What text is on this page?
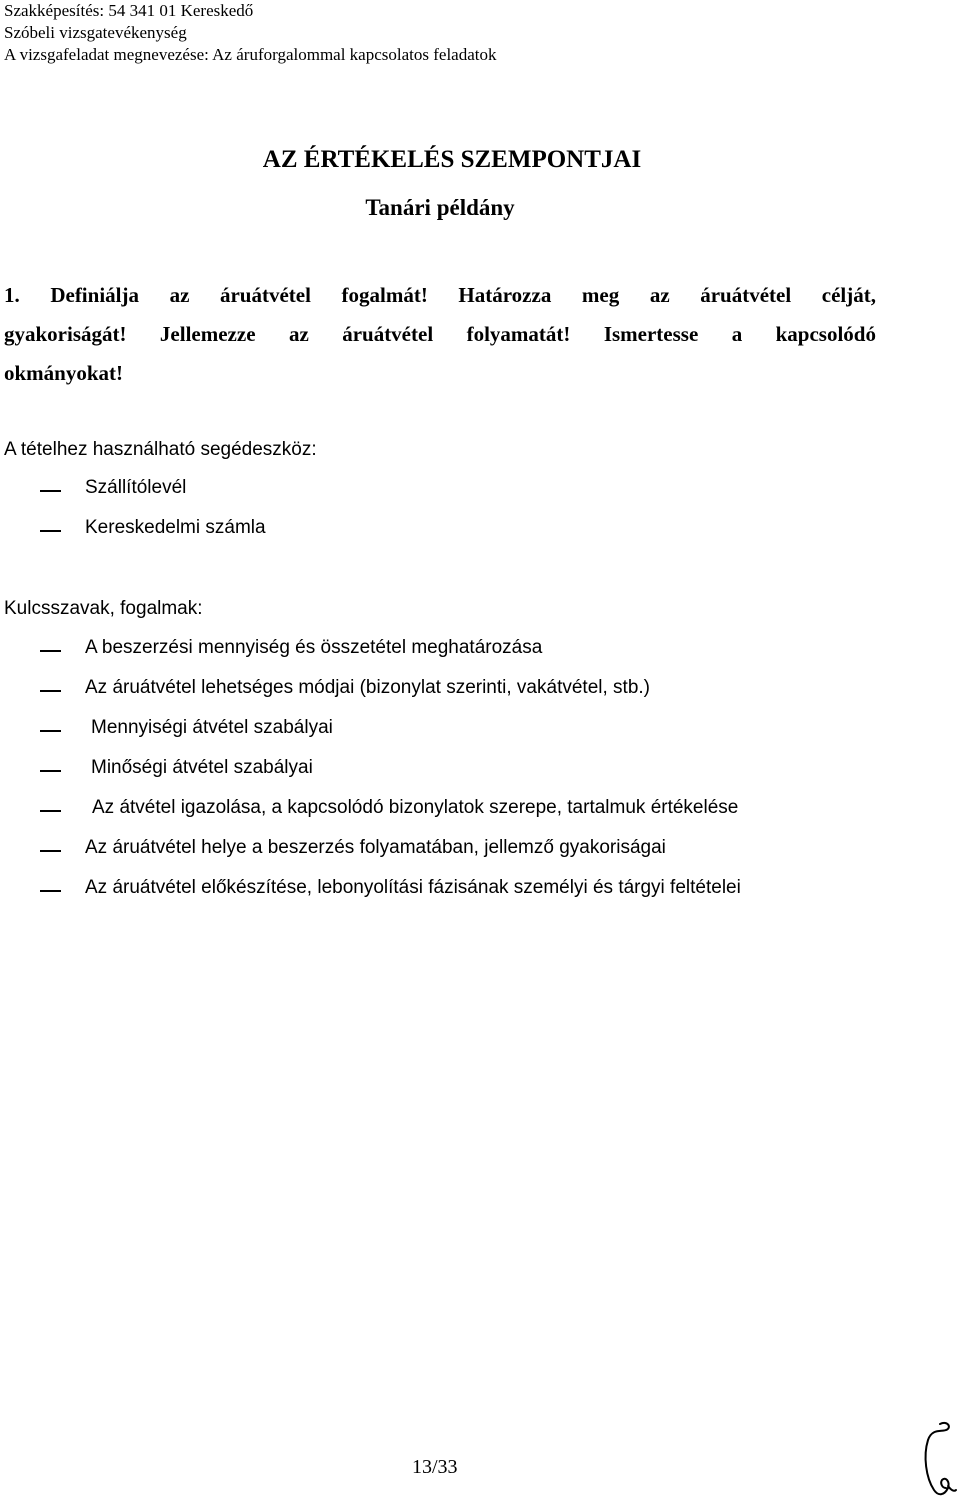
Szakképesítés: 54 341 01 Kereskedő
Szóbeli vizsgatevékenység
A vizsgafeladat megnevezése: Az áruforgalommal kapcsolatos feladatok
AZ ÉRTÉKELÉS SZEMPONTJAI
Tanári példány
1. Definiálja az áruátvétel fogalmát! Határozza meg az áruátvétel célját,
gyakoriságát! Jellemezze az áruátvétel folyamatát! Ismertesse a kapcsolódó
okmányokat!
A tételhez használható segédeszköz:
Szállítólevél
Kereskedelmi számla
Kulcsszavak, fogalmak:
A beszerzési mennyiség és összetétel meghatározása
Az áruátvétel lehetséges módjai (bizonylat szerinti, vakátvétel, stb.)
Mennyiségi átvétel szabályai
Minőségi átvétel szabályai
Az átvétel igazolása, a kapcsolódó bizonylatok szerepe, tartalmuk értékelése
Az áruátvétel helye a beszerzés folyamatában, jellemző gyakoriságai
Az áruátvétel előkészítése, lebonyolítási fázisának személyi és tárgyi feltételei
13/33
